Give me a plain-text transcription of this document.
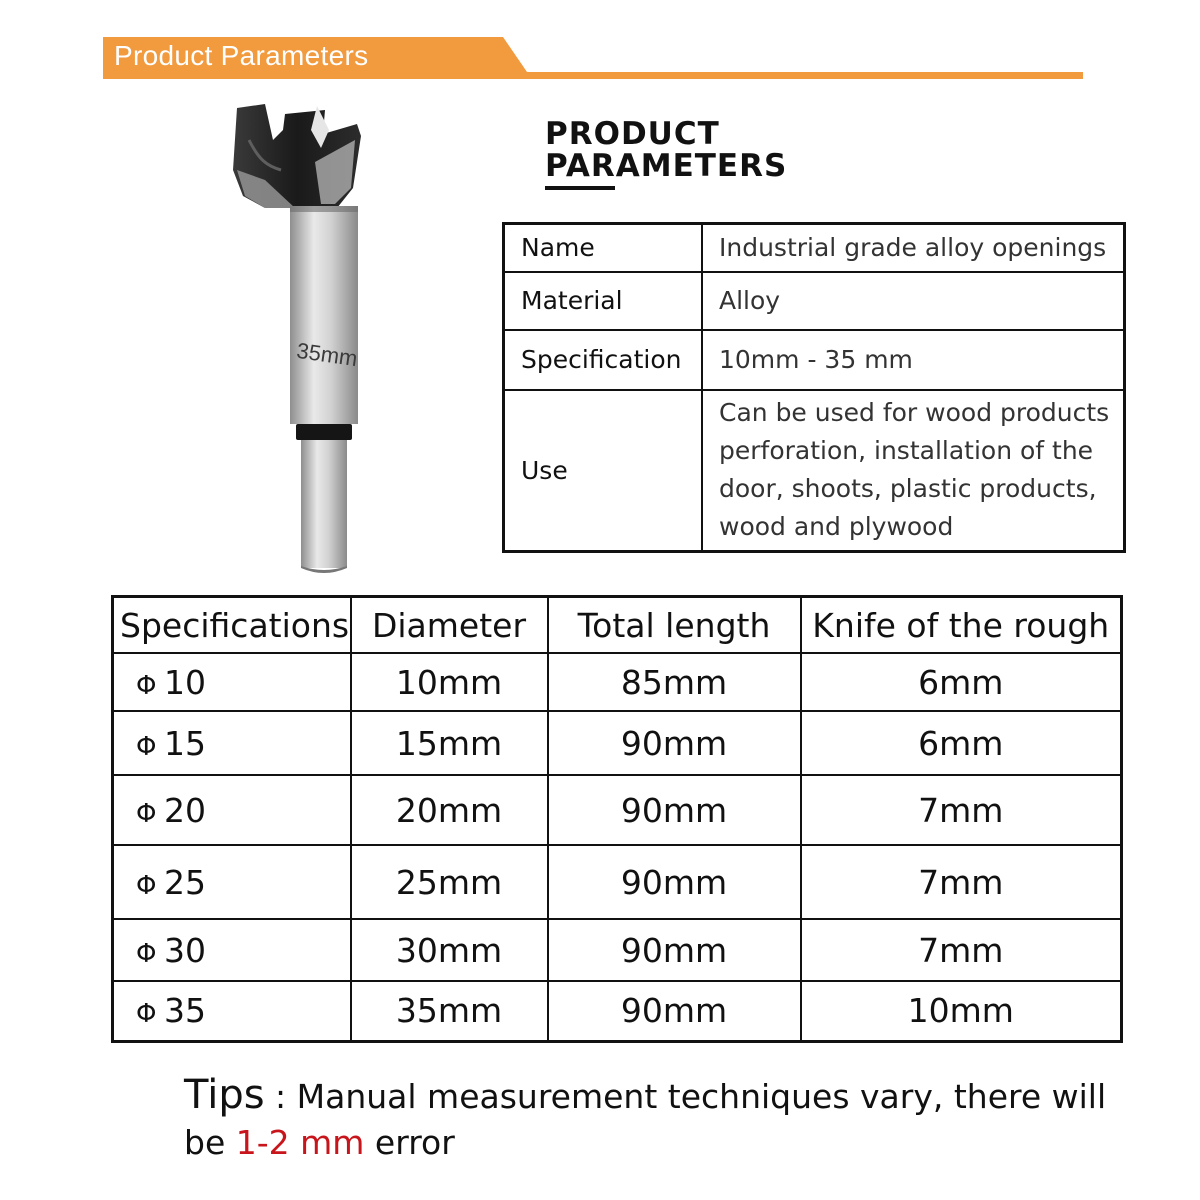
Product Parameters
35mm
PRODUCT
PARAMETERS
Name	Industrial grade alloy openings
Material	Alloy
Specification	10mm - 35 mm
Use	Can be used for wood products perforation, installation of the door, shoots, plastic products, wood and plywood
Specifications	Diameter	Total length	Knife of the rough
Φ 10	10mm	85mm	6mm
Φ 15	15mm	90mm	6mm
Φ 20	20mm	90mm	7mm
Φ 25	25mm	90mm	7mm
Φ 30	30mm	90mm	7mm
Φ 35	35mm	90mm	10mm
Tips : Manual measurement techniques vary, there will be 1-2 mm error
